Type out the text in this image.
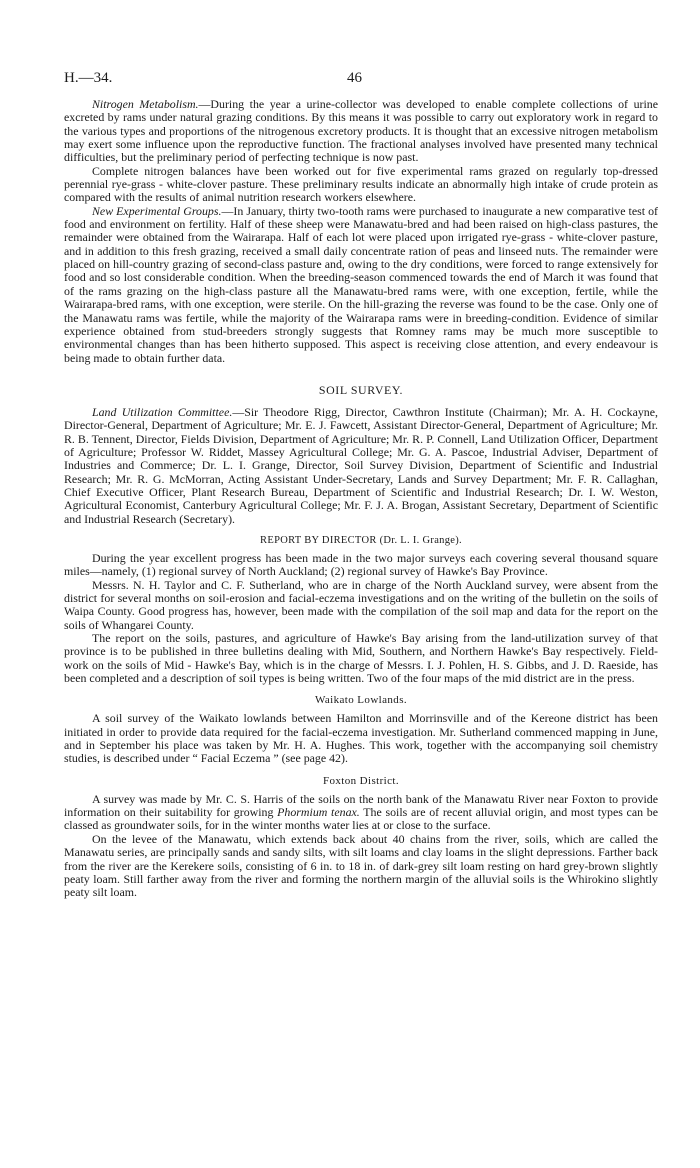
H.—34.	46

Nitrogen Metabolism.—During the year a urine-collector was developed to enable complete collections of urine excreted by rams under natural grazing conditions. By this means it was possible to carry out exploratory work in regard to the various types and proportions of the nitrogenous excretory products. It is thought that an excessive nitrogen metabolism may exert some influence upon the reproductive function. The fractional analyses involved have presented many technical difficulties, but the preliminary period of perfecting technique is now past.

Complete nitrogen balances have been worked out for five experimental rams grazed on regularly top-dressed perennial rye-grass - white-clover pasture. These preliminary results indicate an abnormally high intake of crude protein as compared with the results of animal nutrition research workers elsewhere.

New Experimental Groups.—In January, thirty two-tooth rams were purchased to inaugurate a new comparative test of food and environment on fertility. Half of these sheep were Manawatu-bred and had been raised on high-class pastures, the remainder were obtained from the Wairarapa. Half of each lot were placed upon irrigated rye-grass - white-clover pasture, and in addition to this fresh grazing, received a small daily concentrate ration of peas and linseed nuts. The remainder were placed on hill-country grazing of second-class pasture and, owing to the dry conditions, were forced to range extensively for food and so lost considerable condition. When the breeding-season commenced towards the end of March it was found that of the rams grazing on the high-class pasture all the Manawatu-bred rams were, with one exception, fertile, while the Wairarapa-bred rams, with one exception, were sterile. On the hill-grazing the reverse was found to be the case. Only one of the Manawatu rams was fertile, while the majority of the Wairarapa rams were in breeding-condition. Evidence of similar experience obtained from stud-breeders strongly suggests that Romney rams may be much more susceptible to environmental changes than has been hitherto supposed. This aspect is receiving close attention, and every endeavour is being made to obtain further data.

SOIL SURVEY.

Land Utilization Committee.—Sir Theodore Rigg, Director, Cawthron Institute (Chairman); Mr. A. H. Cockayne, Director-General, Department of Agriculture; Mr. E. J. Fawcett, Assistant Director-General, Department of Agriculture; Mr. R. B. Tennent, Director, Fields Division, Department of Agriculture; Mr. R. P. Connell, Land Utilization Officer, Department of Agriculture; Professor W. Riddet, Massey Agricultural College; Mr. G. A. Pascoe, Industrial Adviser, Department of Industries and Commerce; Dr. L. I. Grange, Director, Soil Survey Division, Department of Scientific and Industrial Research; Mr. R. G. McMorran, Acting Assistant Under-Secretary, Lands and Survey Department; Mr. F. R. Callaghan, Chief Executive Officer, Plant Research Bureau, Department of Scientific and Industrial Research; Dr. I. W. Weston, Agricultural Economist, Canterbury Agricultural College; Mr. F. J. A. Brogan, Assistant Secretary, Department of Scientific and Industrial Research (Secretary).

REPORT BY DIRECTOR (Dr. L. I. Grange).

During the year excellent progress has been made in the two major surveys each covering several thousand square miles—namely, (1) regional survey of North Auckland; (2) regional survey of Hawke's Bay Province.

Messrs. N. H. Taylor and C. F. Sutherland, who are in charge of the North Auckland survey, were absent from the district for several months on soil-erosion and facial-eczema investigations and on the writing of the bulletin on the soils of Waipa County. Good progress has, however, been made with the compilation of the soil map and data for the report on the soils of Whangarei County.

The report on the soils, pastures, and agriculture of Hawke's Bay arising from the land-utilization survey of that province is to be published in three bulletins dealing with Mid, Southern, and Northern Hawke's Bay respectively. Field-work on the soils of Mid - Hawke's Bay, which is in the charge of Messrs. I. J. Pohlen, H. S. Gibbs, and J. D. Raeside, has been completed and a description of soil types is being written. Two of the four maps of the mid district are in the press.

Waikato Lowlands.

A soil survey of the Waikato lowlands between Hamilton and Morrinsville and of the Kereone district has been initiated in order to provide data required for the facial-eczema investigation. Mr. Sutherland commenced mapping in June, and in September his place was taken by Mr. H. A. Hughes. This work, together with the accompanying soil chemistry studies, is described under “ Facial Eczema ” (see page 42).

Foxton District.

A survey was made by Mr. C. S. Harris of the soils on the north bank of the Manawatu River near Foxton to provide information on their suitability for growing Phormium tenax. The soils are of recent alluvial origin, and most types can be classed as groundwater soils, for in the winter months water lies at or close to the surface.

On the levee of the Manawatu, which extends back about 40 chains from the river, soils, which are called the Manawatu series, are principally sands and sandy silts, with silt loams and clay loams in the slight depressions. Farther back from the river are the Kerekere soils, consisting of 6 in. to 18 in. of dark-grey silt loam resting on hard grey-brown slightly peaty loam. Still farther away from the river and forming the northern margin of the alluvial soils is the Whirokino slightly peaty silt loam.
